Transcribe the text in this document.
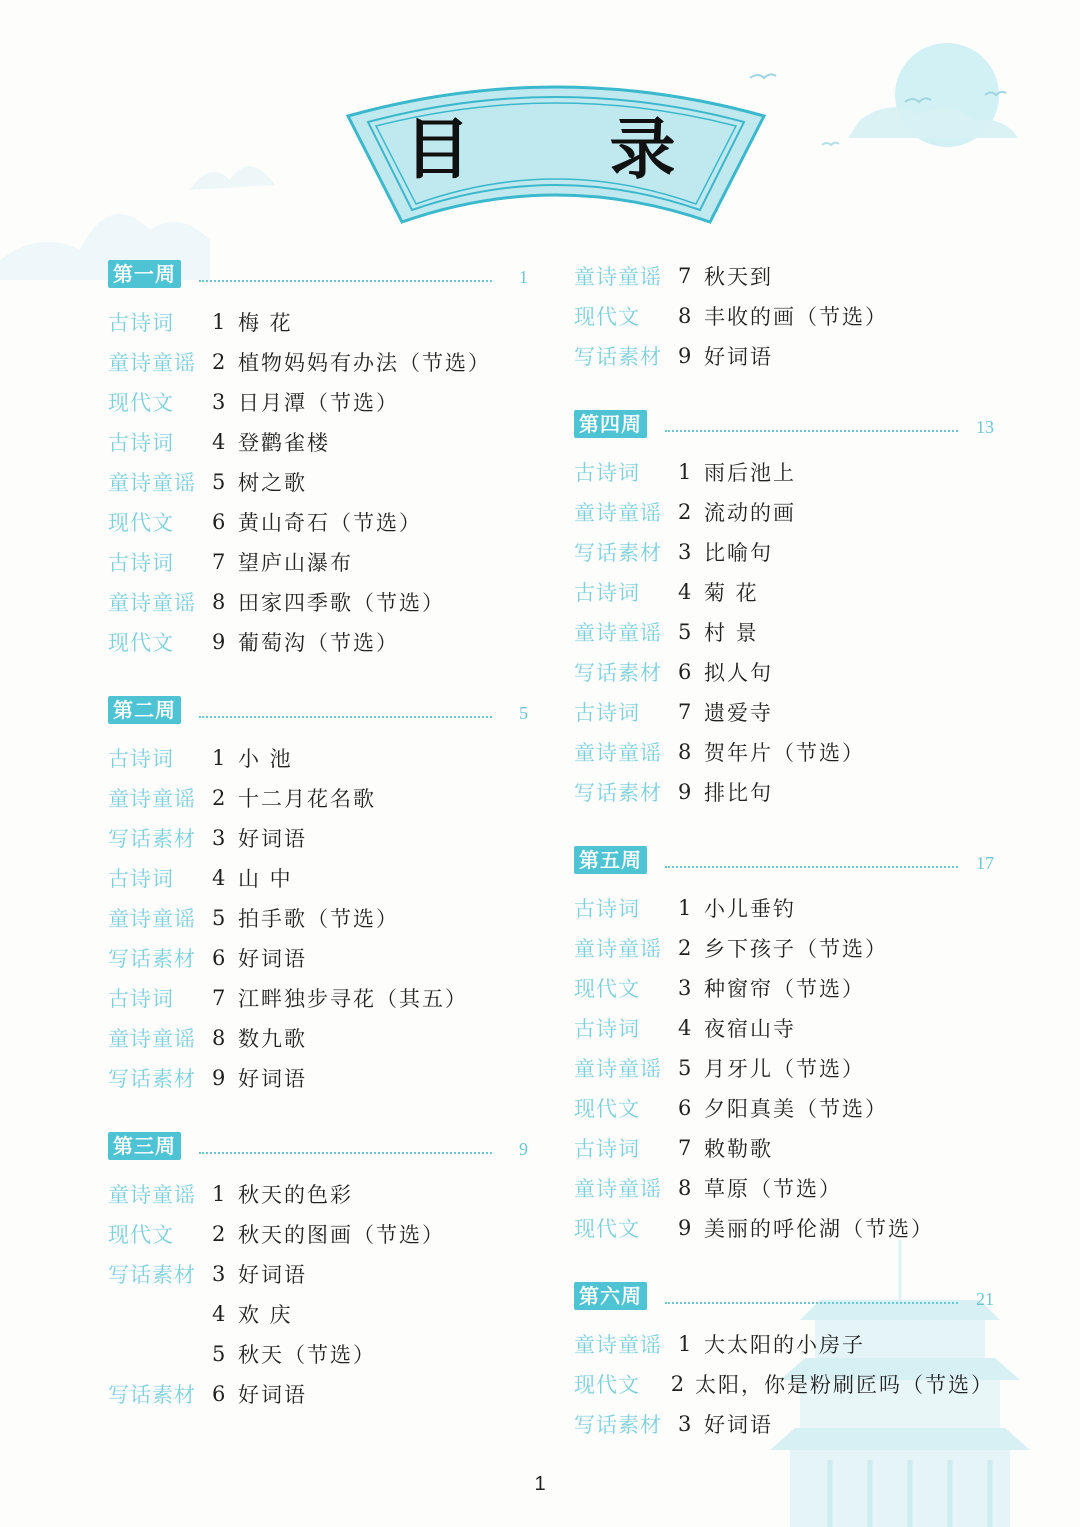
目 录
第一周	1
古诗词	1 梅 花
童诗童谣 2 植物妈妈有办法（节选）
现代文	3 日月潭（节选）
古诗词	4 登鹳雀楼
童诗童谣 5 树之歌
现代文	6 黄山奇石（节选）
古诗词	7 望庐山瀑布
童诗童谣 8 田家四季歌（节选）
现代文	9 葡萄沟（节选）
第二周	5
古诗词	1 小 池
童诗童谣 2 十二月花名歌
写话素材 3 好词语
古诗词	4 山 中
童诗童谣 5 拍手歌（节选）
写话素材 6 好词语
古诗词	7 江畔独步寻花（其五）
童诗童谣 8 数九歌
写话素材 9 好词语
第三周	9
童诗童谣 1 秋天的色彩
现代文	2 秋天的图画（节选）
写话素材 3 好词语
4 欢 庆
5 秋天（节选）
写话素材 6 好词语
童诗童谣 7 秋天到
现代文	8 丰收的画（节选）
写话素材 9 好词语
第四周	13
古诗词	1 雨后池上
童诗童谣 2 流动的画
写话素材 3 比喻句
古诗词	4 菊 花
童诗童谣 5 村 景
写话素材 6 拟人句
古诗词	7 遗爱寺
童诗童谣 8 贺年片（节选）
写话素材 9 排比句
第五周	17
古诗词	1 小儿垂钓
童诗童谣 2 乡下孩子（节选）
现代文	3 种窗帘（节选）
古诗词	4 夜宿山寺
童诗童谣 5 月牙儿（节选）
现代文	6 夕阳真美（节选）
古诗词	7 敕勒歌
童诗童谣 8 草原（节选）
现代文	9 美丽的呼伦湖（节选）
第六周	21
童诗童谣 1 大太阳的小房子
现代文	2 太阳，你是粉刷匠吗（节选）
写话素材 3 好词语
1
